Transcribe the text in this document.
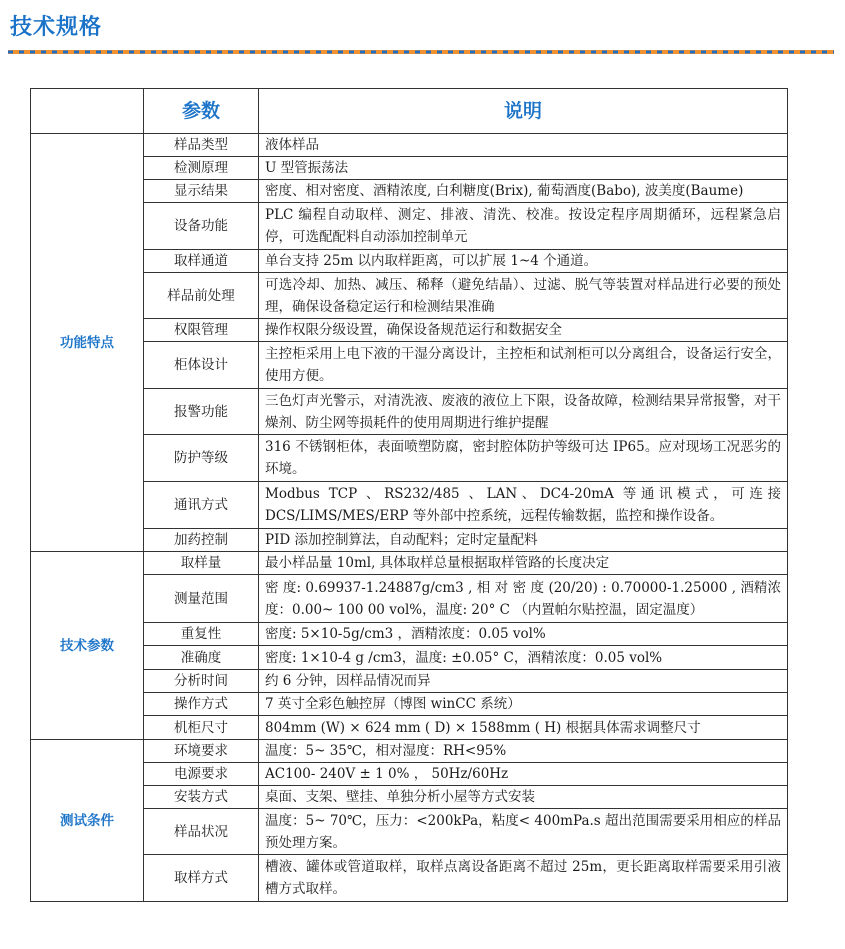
技术规格
	参数	说明
功能特点	样品类型	液体样品
	检测原理	U 型管振荡法
	显示结果	密度、相对密度、酒精浓度, 白利糖度(Brix), 葡萄酒度(Babo), 波美度(Baume)
	设备功能	PLC 编程自动取样、测定、排液、清洗、校准。按设定程序周期循环，远程紧急启停，可选配配料自动添加控制单元
	取样通道	单台支持 25m 以内取样距离，可以扩展 1~4 个通道。
	样品前处理	可选冷却、加热、减压、稀释（避免结晶）、过滤、脱气等装置对样品进行必要的预处理，确保设备稳定运行和检测结果准确
	权限管理	操作权限分级设置，确保设备规范运行和数据安全
	柜体设计	主控柜采用上电下液的干湿分离设计，主控柜和试剂柜可以分离组合，设备运行安全，使用方便。
	报警功能	三色灯声光警示，对清洗液、废液的液位上下限，设备故障，检测结果异常报警，对干燥剂、防尘网等损耗件的使用周期进行维护提醒
	防护等级	316 不锈钢柜体，表面喷塑防腐，密封腔体防护等级可达 IP65。应对现场工况恶劣的环境。
	通讯方式	Modbus TCP 、RS232/485 、LAN、DC4-20mA 等通讯模式，可连接 DCS/LIMS/MES/ERP 等外部中控系统，远程传输数据，监控和操作设备。
	加药控制	PID 添加控制算法，自动配料；定时定量配料
技术参数	取样量	最小样品量 10ml, 具体取样总量根据取样管路的长度决定
	测量范围	密 度: 0.69937-1.24887g/cm3 , 相 对 密 度 (20/20) : 0.70000-1.25000 , 酒精浓度：0.00~ 100 00 vol%，温度: 20° C （内置帕尔贴控温，固定温度）
	重复性	密度: 5×10-5g/cm3 ，酒精浓度：0.05 vol%
	准确度	密度: 1×10-4 g /cm3，温度: ±0.05° C，酒精浓度：0.05 vol%
	分析时间	约 6 分钟，因样品情况而异
	操作方式	7 英寸全彩色触控屏（博图 winCC 系统）
	机柜尺寸	804mm (W) × 624 mm ( D) × 1588mm ( H) 根据具体需求调整尺寸
测试条件	环境要求	温度：5~ 35℃，相对湿度：RH<95%
	电源要求	AC100- 240V ± 1 0% ， 50Hz/60Hz
	安装方式	桌面、支架、壁挂、单独分析小屋等方式安装
	样品状况	温度：5~ 70℃，压力：<200kPa，粘度< 400mPa.s 超出范围需要采用相应的样品预处理方案。
	取样方式	槽液、罐体或管道取样，取样点离设备距离不超过 25m，更长距离取样需要采用引液槽方式取样。
